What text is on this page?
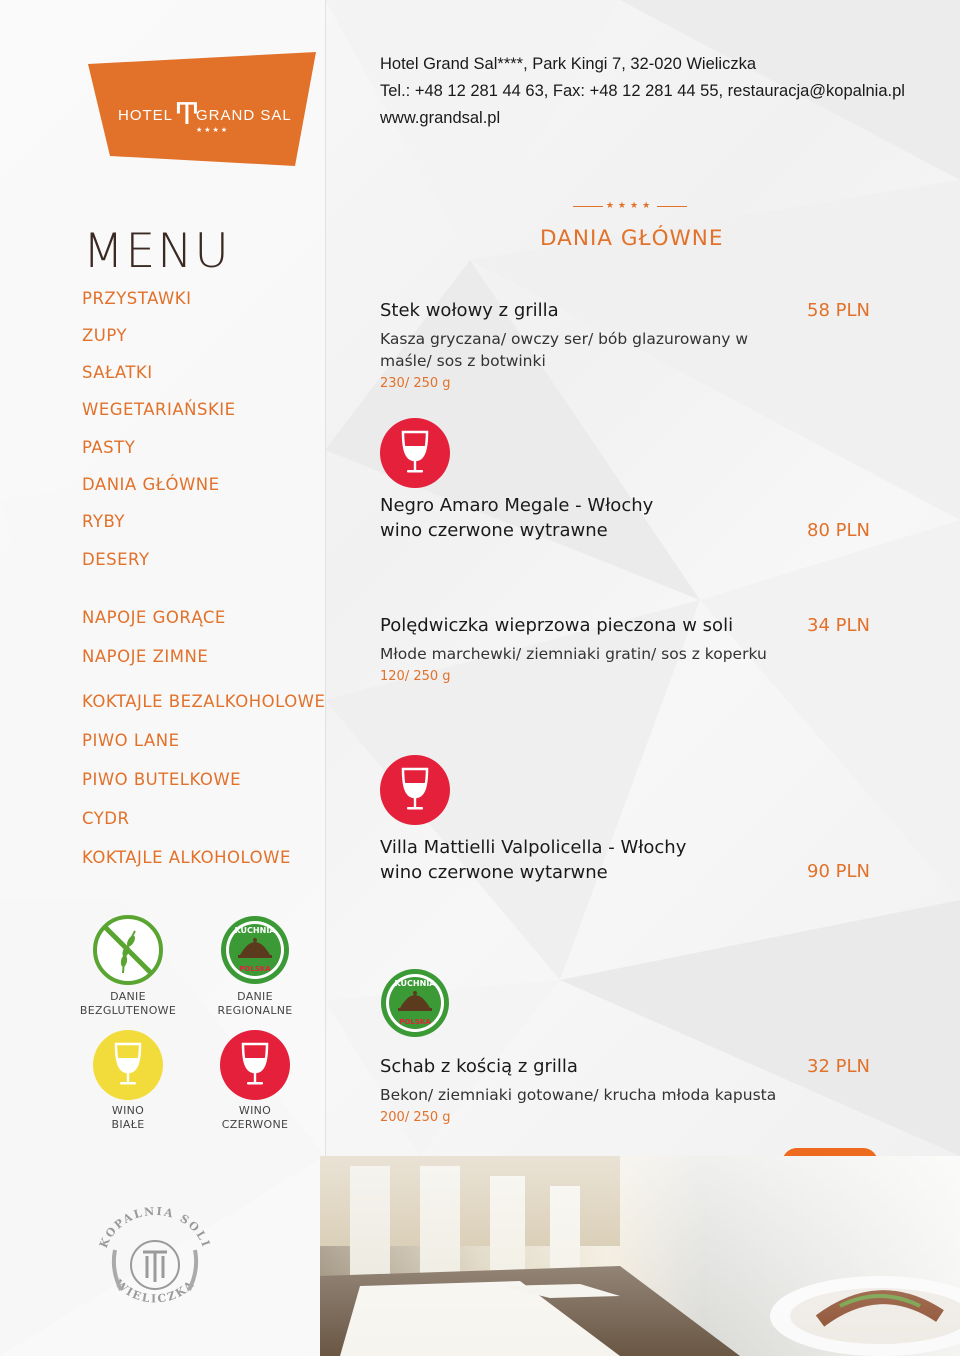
HOTEL Ͳ
GRAND SAL
★★★★
Hotel Grand Sal****, Park Kingi 7, 32-020 Wieliczka
Tel.: +48 12 281 44 63, Fax: +48 12 281 44 55, restauracja@kopalnia.pl
www.grandsal.pl
MENU
PRZYSTAWKI
ZUPY
SAŁATKI
WEGETARIAŃSKIE
PASTY
DANIA GŁÓWNE
RYBY
DESERY
NAPOJE GORĄCE
NAPOJE ZIMNE
KOKTAJLE BEZALKOHOLOWE
PIWO LANE
PIWO BUTELKOWE
CYDR
KOKTAJLE ALKOHOLOWE
★★★★
DANIA GŁÓWNE
Stek wołowy z grilla	58 PLN
Kasza gryczana/ owczy ser/ bób glazurowany w maśle/ sos z botwinki
230/ 250 g
Negro Amaro Megale - Włochy
wino czerwone wytrawne	80 PLN
Polędwiczka wieprzowa pieczona w soli	34 PLN
Młode marchewki/ ziemniaki gratin/ sos z koperku
120/ 250 g
Villa Mattielli Valpolicella - Włochy
wino czerwone wytarwne	90 PLN
KUCHNIA
POLSKA
Schab z kością z grilla	32 PLN
Bekon/ ziemniaki gotowane/ krucha młoda kapusta
200/ 250 g
DANIE
BEZGLUTENOWE
KUCHNIA
POLSKA
DANIE
REGIONALNE
WINO
BIAŁE
WINO
CZERWONE
KOPALNIA SOLI
WIELICZKA
